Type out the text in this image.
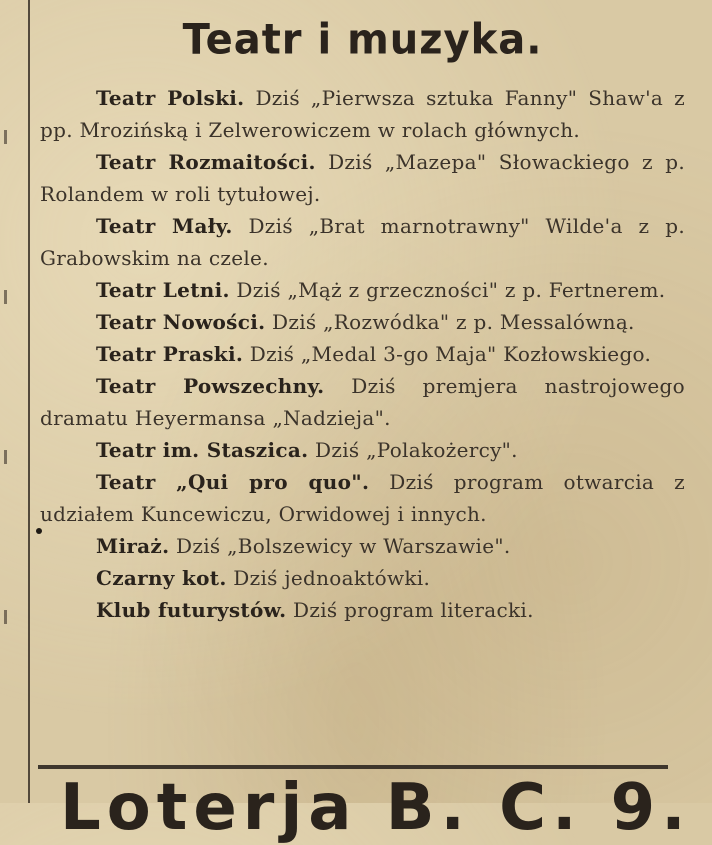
Teatr i muzyka.

Teatr Polski. Dziś „Pierwsza sztuka Fanny" Shaw'a z pp. Mrozińską i Zelwerowiczem w rolach głównych.

Teatr Rozmaitości. Dziś „Mazepa" Słowackiego z p. Rolandem w roli tytułowej.

Teatr Mały. Dziś „Brat marnotrawny" Wilde'a z p. Grabowskim na czele.

Teatr Letni. Dziś „Mąż z grzeczności" z p. Fertnerem.

Teatr Nowości. Dziś „Rozwódka" z p. Messalówną.

Teatr Praski. Dziś „Medal 3-go Maja" Kozłowskiego.

Teatr Powszechny. Dziś premjera nastrojowego dramatu Heyermansa „Nadzieja".

Teatr im. Staszica. Dziś „Polakożercy".

Teatr „Qui pro quo". Dziś program otwarcia z udziałem Kuncewiczu, Orwidowej i innych.

Miraż. Dziś „Bolszewicy w Warszawie".

Czarny kot. Dziś jednoaktówki.

Klub futurystów. Dziś program literacki.

Loterja B. C. 9.
